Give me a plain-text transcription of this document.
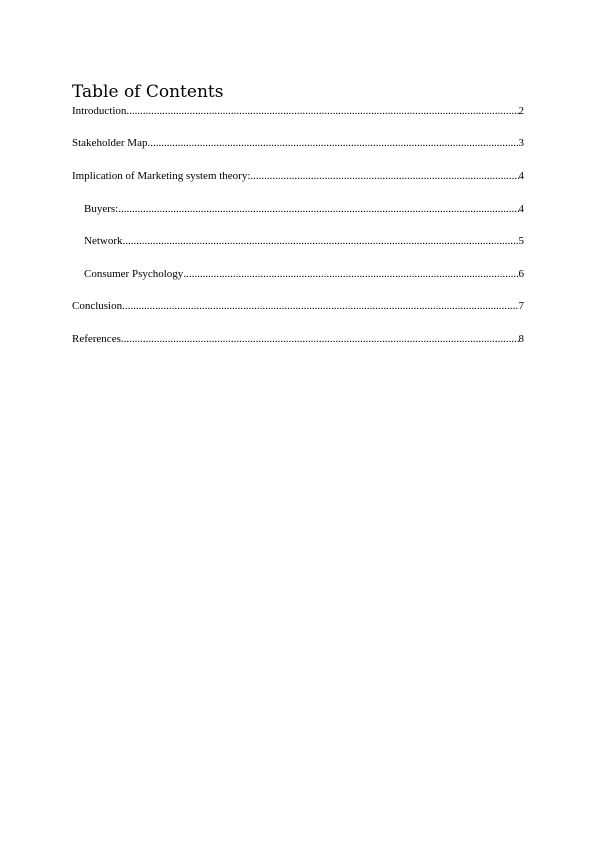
Table of Contents
Introduction .....	2
Stakeholder Map .....	3
Implication of Marketing system theory: .....	4
Buyers: .....	4
Network .....	5
Consumer Psychology .....	6
Conclusion .....	7
References .....	8
